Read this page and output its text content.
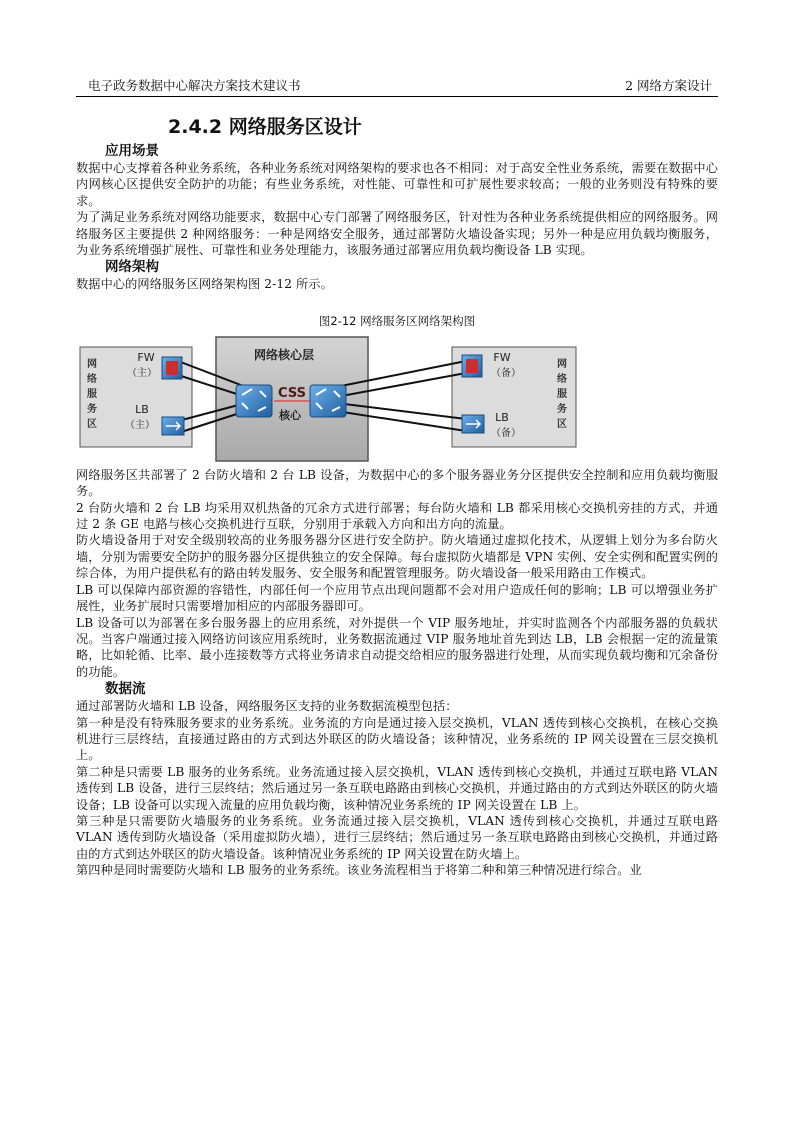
电子政务数据中心解决方案技术建议书	2 网络方案设计
2.4.2 网络服务区设计
应用场景

数据中心支撑着各种业务系统，各种业务系统对网络架构的要求也各不相同：对于高安全性业务系统，需要在数据中心内网核心区提供安全防护的功能；有些业务系统，对性能、可靠性和可扩展性要求较高；一般的业务则没有特殊的要求。

为了满足业务系统对网络功能要求，数据中心专门部署了网络服务区，针对性为各种业务系统提供相应的网络服务。网络服务区主要提供 2 种网络服务：一种是网络安全服务，通过部署防火墙设备实现；另外一种是应用负载均衡服务，为业务系统增强扩展性、可靠性和业务处理能力，该服务通过部署应用负载均衡设备 LB 实现。

网络架构

数据中心的网络服务区网络架构图 2-12 所示。

图2-12 网络服务区网络架构图
网
络
服
务
区
网
络
服
务
区
网络核心层
CSS
核心
FW
（主）
LB
（主）
FW
（备）
LB
（备）

网络服务区共部署了 2 台防火墙和 2 台 LB 设备，为数据中心的多个服务器业务分区提供安全控制和应用负载均衡服务。

2 台防火墙和 2 台 LB 均采用双机热备的冗余方式进行部署；每台防火墙和 LB 都采用核心交换机旁挂的方式，并通过 2 条 GE 电路与核心交换机进行互联，分别用于承载入方向和出方向的流量。

防火墙设备用于对安全级别较高的业务服务器分区进行安全防护。防火墙通过虚拟化技术，从逻辑上划分为多台防火墙，分别为需要安全防护的服务器分区提供独立的安全保障。每台虚拟防火墙都是 VPN 实例、安全实例和配置实例的综合体，为用户提供私有的路由转发服务、安全服务和配置管理服务。防火墙设备一般采用路由工作模式。

LB 可以保障内部资源的容错性，内部任何一个应用节点出现问题都不会对用户造成任何的影响；LB 可以增强业务扩展性，业务扩展时只需要增加相应的内部服务器即可。

LB 设备可以为部署在多台服务器上的应用系统，对外提供一个 VIP 服务地址，并实时监测各个内部服务器的负载状况。当客户端通过接入网络访问该应用系统时，业务数据流通过 VIP 服务地址首先到达 LB，LB 会根据一定的流量策略，比如轮循、比率、最小连接数等方式将业务请求自动提交给相应的服务器进行处理，从而实现负载均衡和冗余备份的功能。

数据流

通过部署防火墙和 LB 设备，网络服务区支持的业务数据流模型包括：

第一种是没有特殊服务要求的业务系统。业务流的方向是通过接入层交换机，VLAN 透传到核心交换机，在核心交换机进行三层终结，直接通过路由的方式到达外联区的防火墙设备；该种情况，业务系统的 IP 网关设置在三层交换机上。

第二种是只需要 LB 服务的业务系统。业务流通过接入层交换机，VLAN 透传到核心交换机，并通过互联电路 VLAN 透传到 LB 设备，进行三层终结；然后通过另一条互联电路路由到核心交换机，并通过路由的方式到达外联区的防火墙设备；LB 设备可以实现入流量的应用负载均衡，该种情况业务系统的 IP 网关设置在 LB 上。

第三种是只需要防火墙服务的业务系统。业务流通过接入层交换机，VLAN 透传到核心交换机，并通过互联电路 VLAN 透传到防火墙设备（采用虚拟防火墙），进行三层终结；然后通过另一条互联电路路由到核心交换机，并通过路由的方式到达外联区的防火墙设备。该种情况业务系统的 IP 网关设置在防火墙上。

第四种是同时需要防火墙和 LB 服务的业务系统。该业务流程相当于将第二种和第三种情况进行综合。业
